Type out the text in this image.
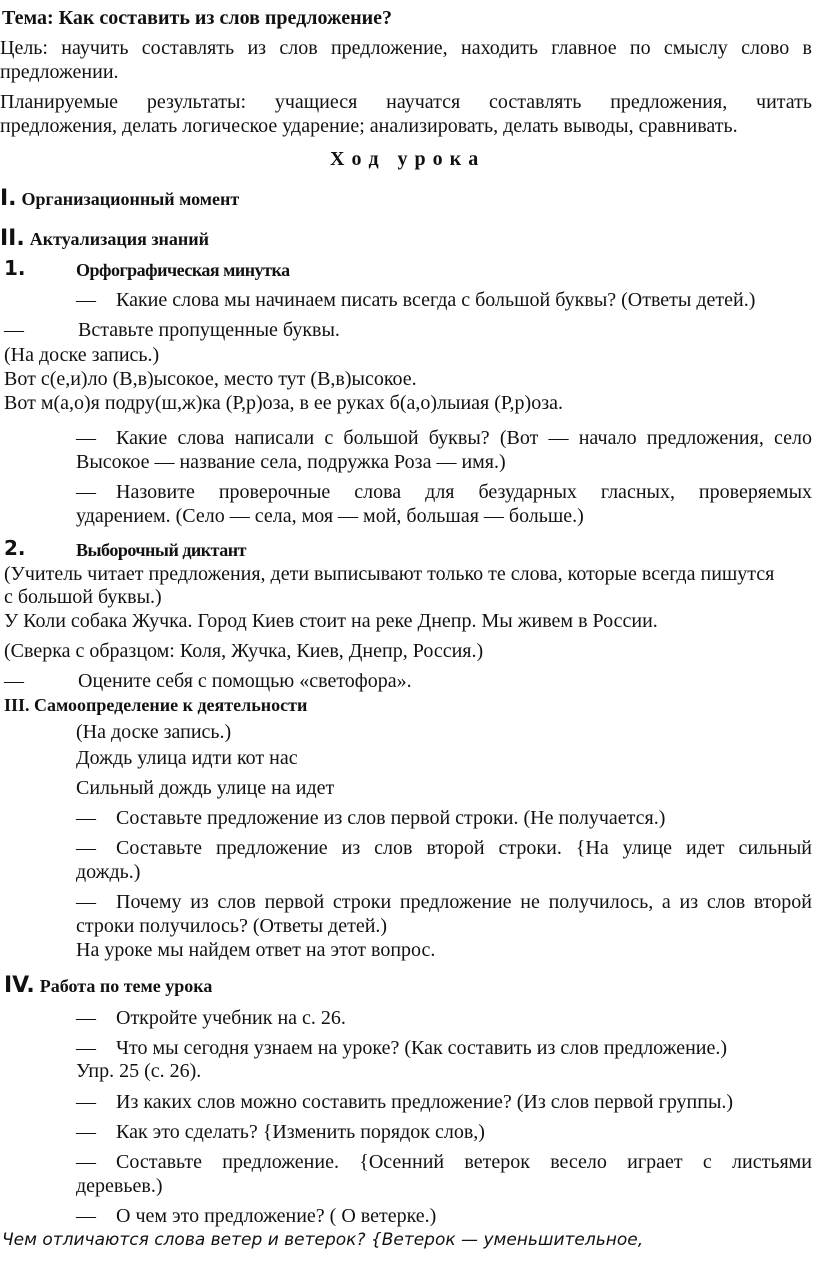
Тема: Как составить из слов предложение?
Цель: научить составлять из слов предложение, находить главное по смыслу слово в
предложении.
Планируемые результаты: учащиеся научатся составлять предложения, читать
предложения, делать логическое ударение; анализировать, делать выводы, сравнивать.
Х о д   у р о к а
I. Организационный момент
II. Актуализация знаний
1.	Орфографическая минутка
— Какие слова мы начинаем писать всегда с большой буквы? (Ответы детей.)
—	Вставьте пропущенные буквы.
(На доске запись.)
Вот с(е,и)ло (В,в)ысокое, место тут (В,в)ысокое.
Вот м(а,о)я подру(ш,ж)ка (Р,р)оза, в ее руках б(а,о)лыиая (Р,р)оза.
— Какие слова написали с большой буквы? (Вот — начало предложения, село
Высокое — название села, подружка Роза — имя.)
— Назовите проверочные слова для безударных гласных, проверяемых
ударением. (Село — села, моя — мой, большая — больше.)
2.	Выборочный диктант
(Учитель читает предложения, дети выписывают только те слова, которые всегда пишутся
с большой буквы.)
У Коли собака Жучка. Город Киев стоит на реке Днепр. Мы живем в России.
(Сверка с образцом: Коля, Жучка, Киев, Днепр, Россия.)
—	Оцените себя с помощью «светофора».
III. Самоопределение к деятельности
(На доске запись.)
Дождь улица идти кот нас
Сильный дождь улице на идет
— Составьте предложение из слов первой строки. (Не получается.)
— Составьте предложение из слов второй строки. {На улице идет сильный
дождь.)
— Почему из слов первой строки предложение не получилось, а из слов второй
строки получилось? (Ответы детей.)
На уроке мы найдем ответ на этот вопрос.
IV. Работа по теме урока
— Откройте учебник на с. 26.
— Что мы сегодня узнаем на уроке? (Как составить из слов предложение.)
Упр. 25 (с. 26).
— Из каких слов можно составить предложение? (Из слов первой группы.)
— Как это сделать? {Изменить порядок слов,)
— Составьте предложение. {Осенний ветерок весело играет с листьями
деревьев.)
— О чем это предложение? ( О ветерке.)
Чем отличаются слова ветер и ветерок? {Ветерок — уменьшительное,
